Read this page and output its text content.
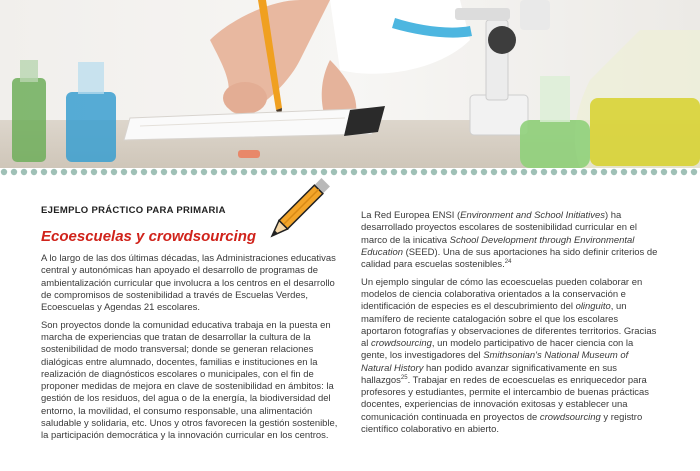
EJEMPLO PRÁCTICO PARA PRIMARIA
Ecoescuelas y crowdsourcing

A lo largo de las dos últimas décadas, las Administraciones educativas central y autonómicas han apoyado el desarrollo de programas de ambientalización curricular que involucra a los centros en el desarrollo de compromisos de sostenibilidad a través de Escuelas Verdes, Ecoescuelas y Agendas 21 escolares.

Son proyectos donde la comunidad educativa trabaja en la puesta en marcha de experiencias que tratan de desarrollar la cultura de la sostenibilidad de modo transversal; donde se generan relaciones dialógicas entre alumnado, docentes, familias e instituciones en la realización de diagnósticos escolares o municipales, con el fin de proponer medidas de mejora en clave de sostenibilidad en ámbitos: la gestión de los residuos, del agua o de la energía, la biodiversidad del entorno, la movilidad, el consumo responsable, una alimentación saludable y solidaria, etc. Unos y otros favorecen la gestión sostenible, la participación democrática y la innovación curricular en los centros.

La Red Europea ENSI (Environment and School Initiatives) ha desarrollado proyectos escolares de sostenibilidad curricular en el marco de la inicativa School Development through Environmental Education (SEED). Una de sus aportaciones ha sido definir criterios de calidad para escuelas sostenibles.$^{24}$

Un ejemplo singular de cómo las ecoescuelas pueden colaborar en modelos de ciencia colaborativa orientados a la conservación e identificación de especies es el descubrimiento del olinguito, un mamífero de reciente catalogación sobre el que los escolares aportaron fotografías y observaciones de diferentes territorios. Gracias al crowdsourcing, un modelo participativo de hacer ciencia con la gente, los investigadores del Smithsonian's National Museum of Natural History han podido avanzar significativamente en sus hallazgos$^{25}$. Trabajar en redes de ecoescuelas es enriquecedor para profesores y estudiantes, permite el intercambio de buenas prácticas docentes, experiencias de innovación exitosas y establecer una comunicación continuada en proyectos de crowdsourcing y registro científico colaborativo en abierto.
